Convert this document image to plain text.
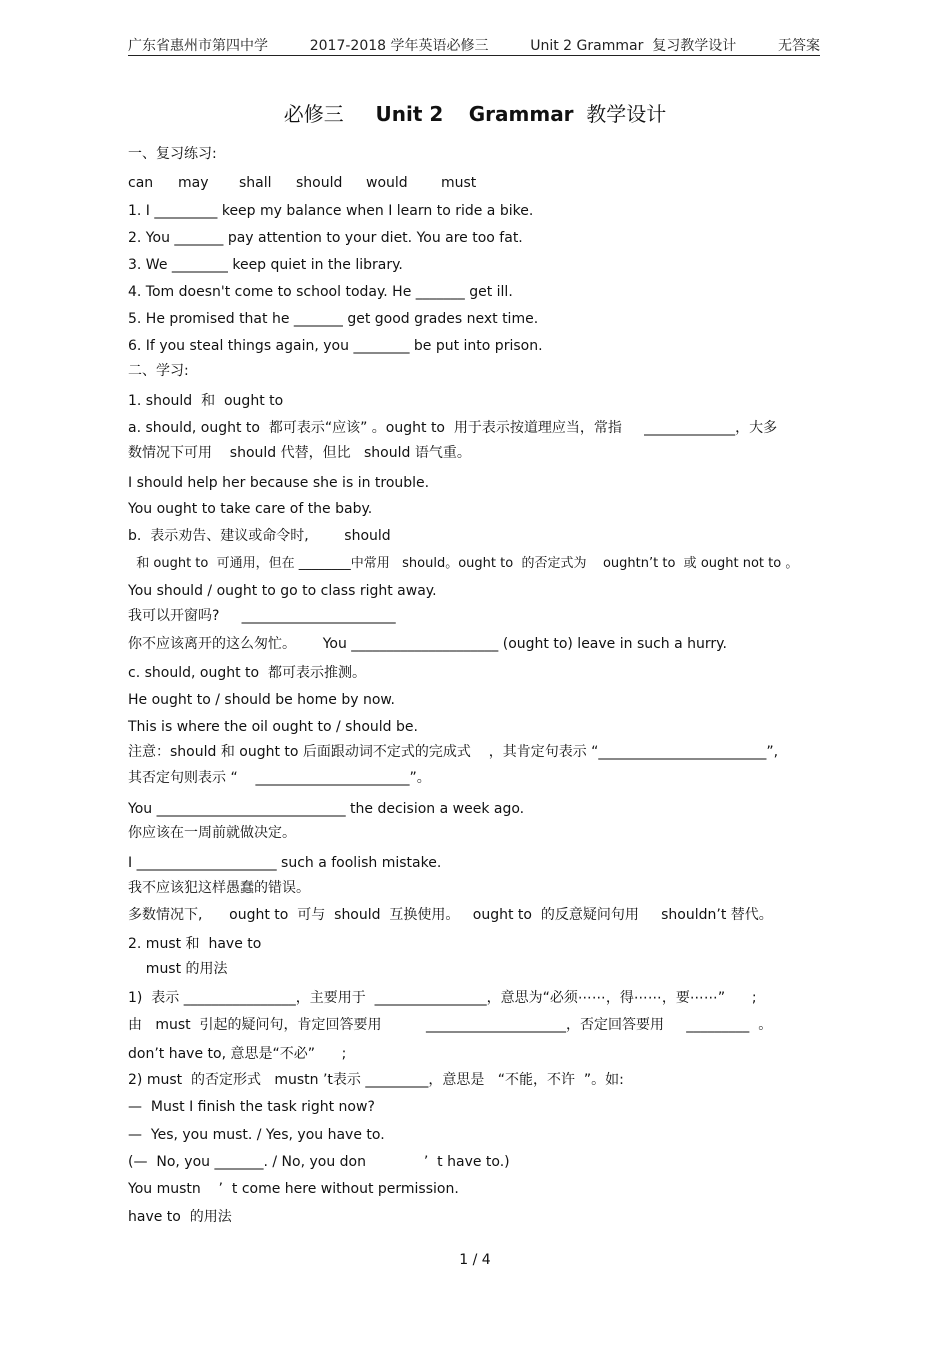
广东省惠州市第四中学	2017-2018 学年英语必修三	Unit 2 Grammar  复习教学设计	无答案
必修三 Unit 2 Grammar 教学设计
一、复习练习:
can may shall should would must
1. I _________ keep my balance when I learn to ride a bike.
2. You _______ pay attention to your diet. You are too fat.
3. We ________ keep quiet in the library.
4. Tom doesn't come to school today. He _______ get ill.
5. He promised that he _______ get good grades next time.
6. If you steal things again, you ________ be put into prison.
二、学习:
1. should  和  ought to
a. should, ought to  都可表示“应该” 。ought to  用于表示按道理应当，常指     _____________，大多
数情况下可用    should 代替，但比   should 语气重。
I should help her because she is in trouble.
You ought to take care of the baby.
b.  表示劝告、建议或命令时,        should
和 ought to  可通用，但在 ________中常用   should。ought to  的否定式为    oughtn’t to  或 ought not to 。
You should / ought to go to class right away.
我可以开窗吗?     ______________________
你不应该离开的这么匆忙。      You _____________________ (ought to) leave in such a hurry.
c. should, ought to  都可表示推测。
He ought to / should be home by now.
This is where the oil ought to / should be.
注意：should 和 ought to 后面跟动词不定式的完成式    ，其肯定句表示 “________________________”,
其否定句则表示 “    ______________________”。
You ___________________________ the decision a week ago.
你应该在一周前就做决定。
I ____________________ such a foolish mistake.
我不应该犯这样愚蠢的错误。
多数情况下,      ought to  可与  should  互换使用。   ought to  的反意疑问句用     shouldn’t 替代。
2. must 和  have to
must 的用法
1)  表示 ________________，主要用于  ________________，意思为“必须⋯⋯，得⋯⋯，要⋯⋯”      ;
由   must  引起的疑问句，肯定回答要用          ____________________，否定回答要用     _________  。
don’t have to, 意思是“不必”      ;
2) must  的否定形式   mustn ’t表示 _________，意思是   “不能，不许  ”。如:
—  Must I finish the task right now?
—  Yes, you must. / Yes, you have to.
(—  No, you _______. / No, you don             ’  t have to.)
You mustn    ’  t come here without permission.
have to  的用法
1 / 4
